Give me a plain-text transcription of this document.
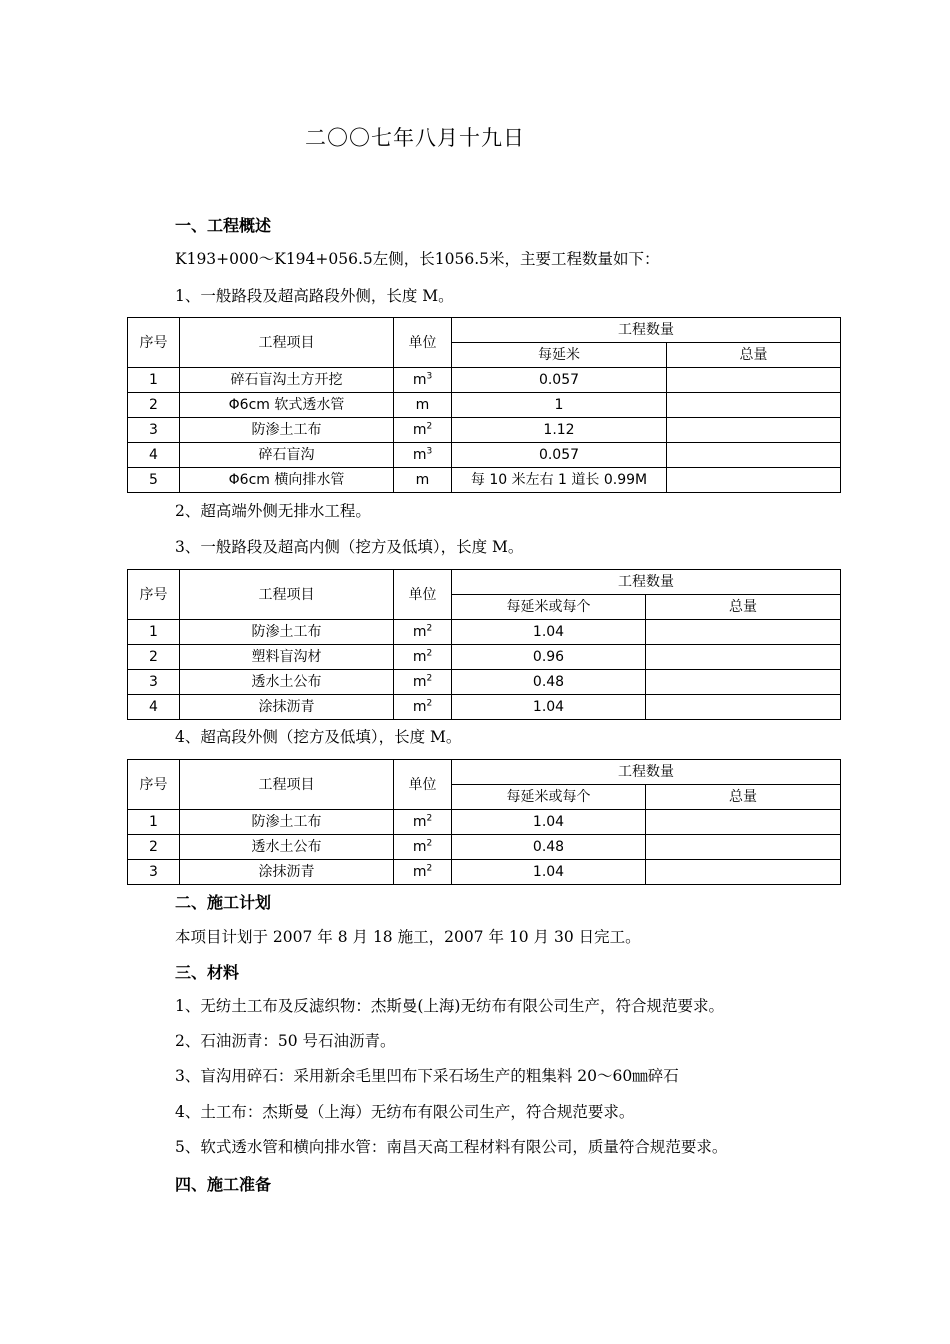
二〇〇七年八月十九日
一、工程概述
K193+000～K194+056.5左侧，长1056.5米，主要工程数量如下：
1、一般路段及超高路段外侧，长度 M。
序号	工程项目	单位	工程数量	
			每延米	总量
1	碎石盲沟土方开挖	$m^3$	0.057	
2	Φ6cm 软式透水管	m	1	
3	防渗土工布	$m^2$	1.12	
4	碎石盲沟	$m^3$	0.057	
5	Φ6cm 横向排水管	m	每 10 米左右 1 道长 0.99M	
2、超高端外侧无排水工程。
3、一般路段及超高内侧（挖方及低填），长度 M。
序号	工程项目	单位	工程数量	
			每延米或每个	总量
1	防渗土工布	$m^2$	1.04	
2	塑料盲沟材	$m^2$	0.96	
3	透水土公布	$m^2$	0.48	
4	涂抹沥青	$m^2$	1.04	
4、超高段外侧（挖方及低填），长度 M。
序号	工程项目	单位	工程数量	
			每延米或每个	总量
1	防渗土工布	$m^2$	1.04	
2	透水土公布	$m^2$	0.48	
3	涂抹沥青	$m^2$	1.04	
二、施工计划
本项目计划于 2007 年 8 月 18 施工，2007 年 10 月 30 日完工。
三、材料
1、无纺土工布及反滤织物：杰斯曼(上海)无纺布有限公司生产，符合规范要求。
2、石油沥青：50 号石油沥青。
3、盲沟用碎石：采用新余毛里凹布下采石场生产的粗集料 20～60㎜碎石
4、土工布：杰斯曼（上海）无纺布有限公司生产，符合规范要求。
5、软式透水管和横向排水管：南昌天高工程材料有限公司，质量符合规范要求。
四、施工准备
